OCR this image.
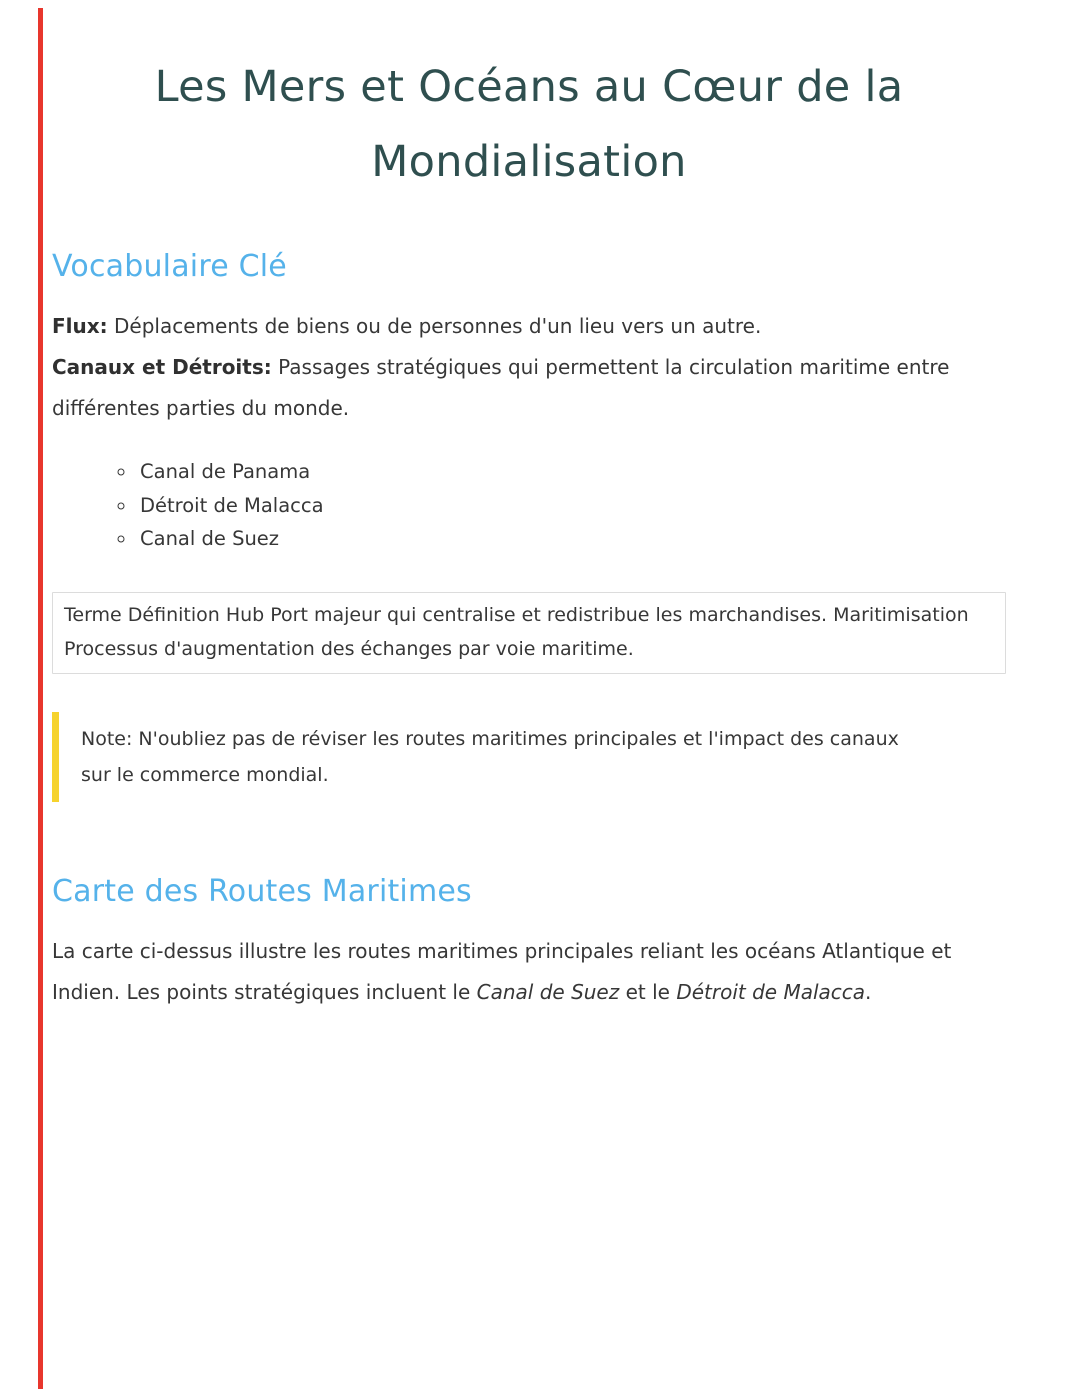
Les Mers et Océans au Cœur de la Mondialisation
Vocabulaire Clé

Flux: Déplacements de biens ou de personnes d'un lieu vers un autre.
Canaux et Détroits: Passages stratégiques qui permettent la circulation maritime entre différentes parties du monde.

◦ Canal de Panama
◦ Détroit de Malacca
◦ Canal de Suez
Terme Définition Hub Port majeur qui centralise et redistribue les marchandises. Maritimisation Processus d'augmentation des échanges par voie maritime.
Note: N'oubliez pas de réviser les routes maritimes principales et l'impact des canaux sur le commerce mondial.
Carte des Routes Maritimes

La carte ci-dessus illustre les routes maritimes principales reliant les océans Atlantique et Indien. Les points stratégiques incluent le Canal de Suez et le Détroit de Malacca.
